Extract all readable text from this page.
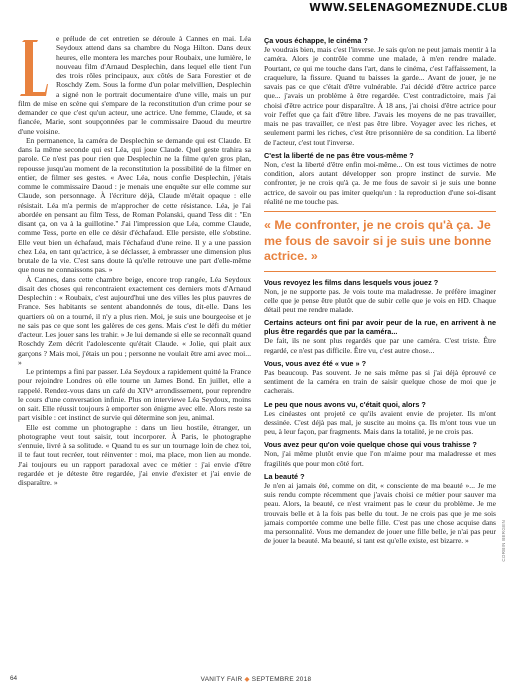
WWW.SELENAGOMEZNUDE.CLUB

e prélude de cet entretien se déroule à Cannes en mai. Léa Seydoux attend dans sa chambre du Noga Hilton. Dans deux heures, elle montera les marches pour Roubaix, une lumière, le nouveau film d'Arnaud Desplechin, dans lequel elle tient l'un des trois rôles principaux, aux côtés de Sara Forestier et de Roschdy Zem. Sous la forme d'un polar melvillien, Desplechin a signé non le portrait documentaire d'une ville, mais un pur film de mise en scène qui s'empare de la reconstitution d'un crime pour se demander ce que c'est qu'un acteur, une actrice. Une femme, Claude, et sa fiancée, Marie, sont soupçonnées par le commissaire Daoud du meurtre d'une voisine.

En permanence, la caméra de Desplechin se demande qui est Claude. Et dans la même seconde qui est Léa, qui joue Claude. Quel geste trahira sa parole. Ce n'est pas pour rien que Desplechin ne la filme qu'en gros plan, repousse jusqu'au moment de la reconstitution la possibilité de la filmer en entier, de filmer ses gestes. « Avec Léa, nous confie Desplechin, j'étais comme le commissaire Daoud : je menais une enquête sur elle comme sur Claude, son personnage. À l'écriture déjà, Claude m'était opaque : elle résistait. Léa m'a permis de m'approcher de cette résistance. Léa, je l'ai abordée en pensant au film Tess, de Roman Polanski, quand Tess dit : "En disant ça, on va à la guillotine." J'ai l'impression que Léa, comme Claude, comme Tess, porte en elle ce désir d'échafaud. Elle persiste, elle s'obstine. Elle veut bien un échafaud, mais l'échafaud d'une reine. Il y a une passion chez Léa, en tant qu'actrice, à se déclasser, à embrasser une dimension plus brutale de la vie. C'est sans doute là qu'elle retrouve une part d'elle-même que nous ne connaissons pas. »

À Cannes, dans cette chambre beige, encore trop rangée, Léa Seydoux disait des choses qui rencontraient exactement ces derniers mots d'Arnaud Desplechin : « Roubaix, c'est aujourd'hui une des villes les plus pauvres de France. Ses habitants se sentent abandonnés de tous, dit-elle. Dans les quartiers où on a tourné, il n'y a plus rien. Moi, je suis une bourgeoise et je ne sais pas ce que sont les galères de ces gens. Mais c'est le défi du métier d'acteur. Les jouer sans les trahir. » Je lui demande si elle se reconnaît quand Roschdy Zem décrit l'adolescente qu'était Claude. « Jolie, qui plait aux garçons ? Mais moi, j'étais un pou ; personne ne voulait être ami avec moi... »

Le printemps a fini par passer. Léa Seydoux a rapidement quitté la France pour rejoindre Londres où elle tourne un James Bond. En juillet, elle a rappelé. Rendez-vous dans un café du XIVᵉ arrondissement, pour reprendre le cours d'une conversation infinie. Plus on interviewe Léa Seydoux, moins on sait. Elle réussit toujours à emporter son énigme avec elle. Alors reste sa part visible : cet instinct de survie qui détermine son jeu, animal.

Elle est comme un photographe : dans un lieu hostile, étranger, un photographe veut tout saisir, tout incorporer. À Paris, le photographe s'ennuie, livré à sa solitude. « Quand tu es sur un tournage loin de chez toi, il te faut tout recréer, tout réinventer : moi, ma place, mon lien au monde. J'ai toujours eu un rapport paradoxal avec ce métier : j'ai envie d'être regardée et je déteste être regardée, j'ai envie d'exister et j'ai envie de disparaître. »

Ça vous échappe, le cinéma ?

Je voudrais bien, mais c'est l'inverse. Je sais qu'on ne peut jamais mentir à la caméra. Alors je contrôle comme une malade, à m'en rendre malade. Pourtant, ce qui me touche dans l'art, dans le cinéma, c'est l'affaissement, la craquelure, la fissure. Quand tu baisses la garde... Avant de jouer, je ne savais pas ce que c'était d'être vulnérable. J'ai décidé d'être actrice parce que... j'avais un problème à être regardée. C'est contradictoire, mais j'ai choisi d'être actrice pour disparaître. À 18 ans, j'ai choisi d'être actrice pour voir l'effet que ça fait d'être libre. J'avais les moyens de ne pas travailler, mais ne pas travailler, ce n'est pas être libre. Voyager avec les riches, et seulement parmi les riches, c'est être prisonnière de sa condition. La liberté de l'acteur, c'est tout l'inverse.

C'est la liberté de ne pas être vous-même ?

Non, c'est la liberté d'être enfin moi-même... On est tous victimes de notre condition, alors autant développer son propre instinct de survie. Me confronter, je ne crois qu'à ça. Je me fous de savoir si je suis une bonne actrice, de savoir ou pas imiter quelqu'un : la reproduction d'une soi-disant réalité ne me touche pas.

« Me confronter, je ne crois qu'à ça. Je me fous de savoir si je suis une bonne actrice. »

Vous revoyez les films dans lesquels vous jouez ?

Non, je ne supporte pas. Je vois toute ma maladresse. Je préfère imaginer celle que je pense être plutôt que de subir celle que je vois en HD. Chaque détail peut me rendre malade.

Certains acteurs ont fini par avoir peur de la rue, en arrivent à ne plus être regardés que par la caméra...

De fait, ils ne sont plus regardés que par une caméra. C'est triste. Être regardé, ce n'est pas difficile. Être vu, c'est autre chose...

Vous, vous avez été « vue » ?

Pas beaucoup. Pas souvent. Je ne sais même pas si j'ai déjà éprouvé ce sentiment de la caméra en train de saisir quelque chose de moi que je cacherais.

Le peu que nous avons vu, c'était quoi, alors ?

Les cinéastes ont projeté ce qu'ils avaient envie de projeter. Ils m'ont dessinée. C'est déjà pas mal, je suscite au moins ça. Ils m'ont tous vue un peu, à leur façon, par fragments. Mais dans la totalité, je ne crois pas.

Vous avez peur qu'on voie quelque chose qui vous trahisse ?

Non, j'ai même plutôt envie que l'on m'aime pour ma maladresse et mes fragilités que pour mon côté fort.

La beauté ?

Je n'en ai jamais été, comme on dit, « consciente de ma beauté »... Je me suis rendu compte récemment que j'avais choisi ce métier pour sauver ma peau. Alors, la beauté, ce n'est vraiment pas le cœur du problème. Je me trouvais belle et à la fois pas belle du tout. Je ne crois pas que je me sois jamais comportée comme une belle fille. C'est pas une chose acquise dans ma personnalité. Vous me demandez de jouer une fille belle, je n'ai pas peur de jouer la beauté. Ma beauté, si tant est qu'elle existe, est bizarre. »	CORBIN BERGEN
64	VANITY FAIR ◆ SEPTEMBRE 2018
